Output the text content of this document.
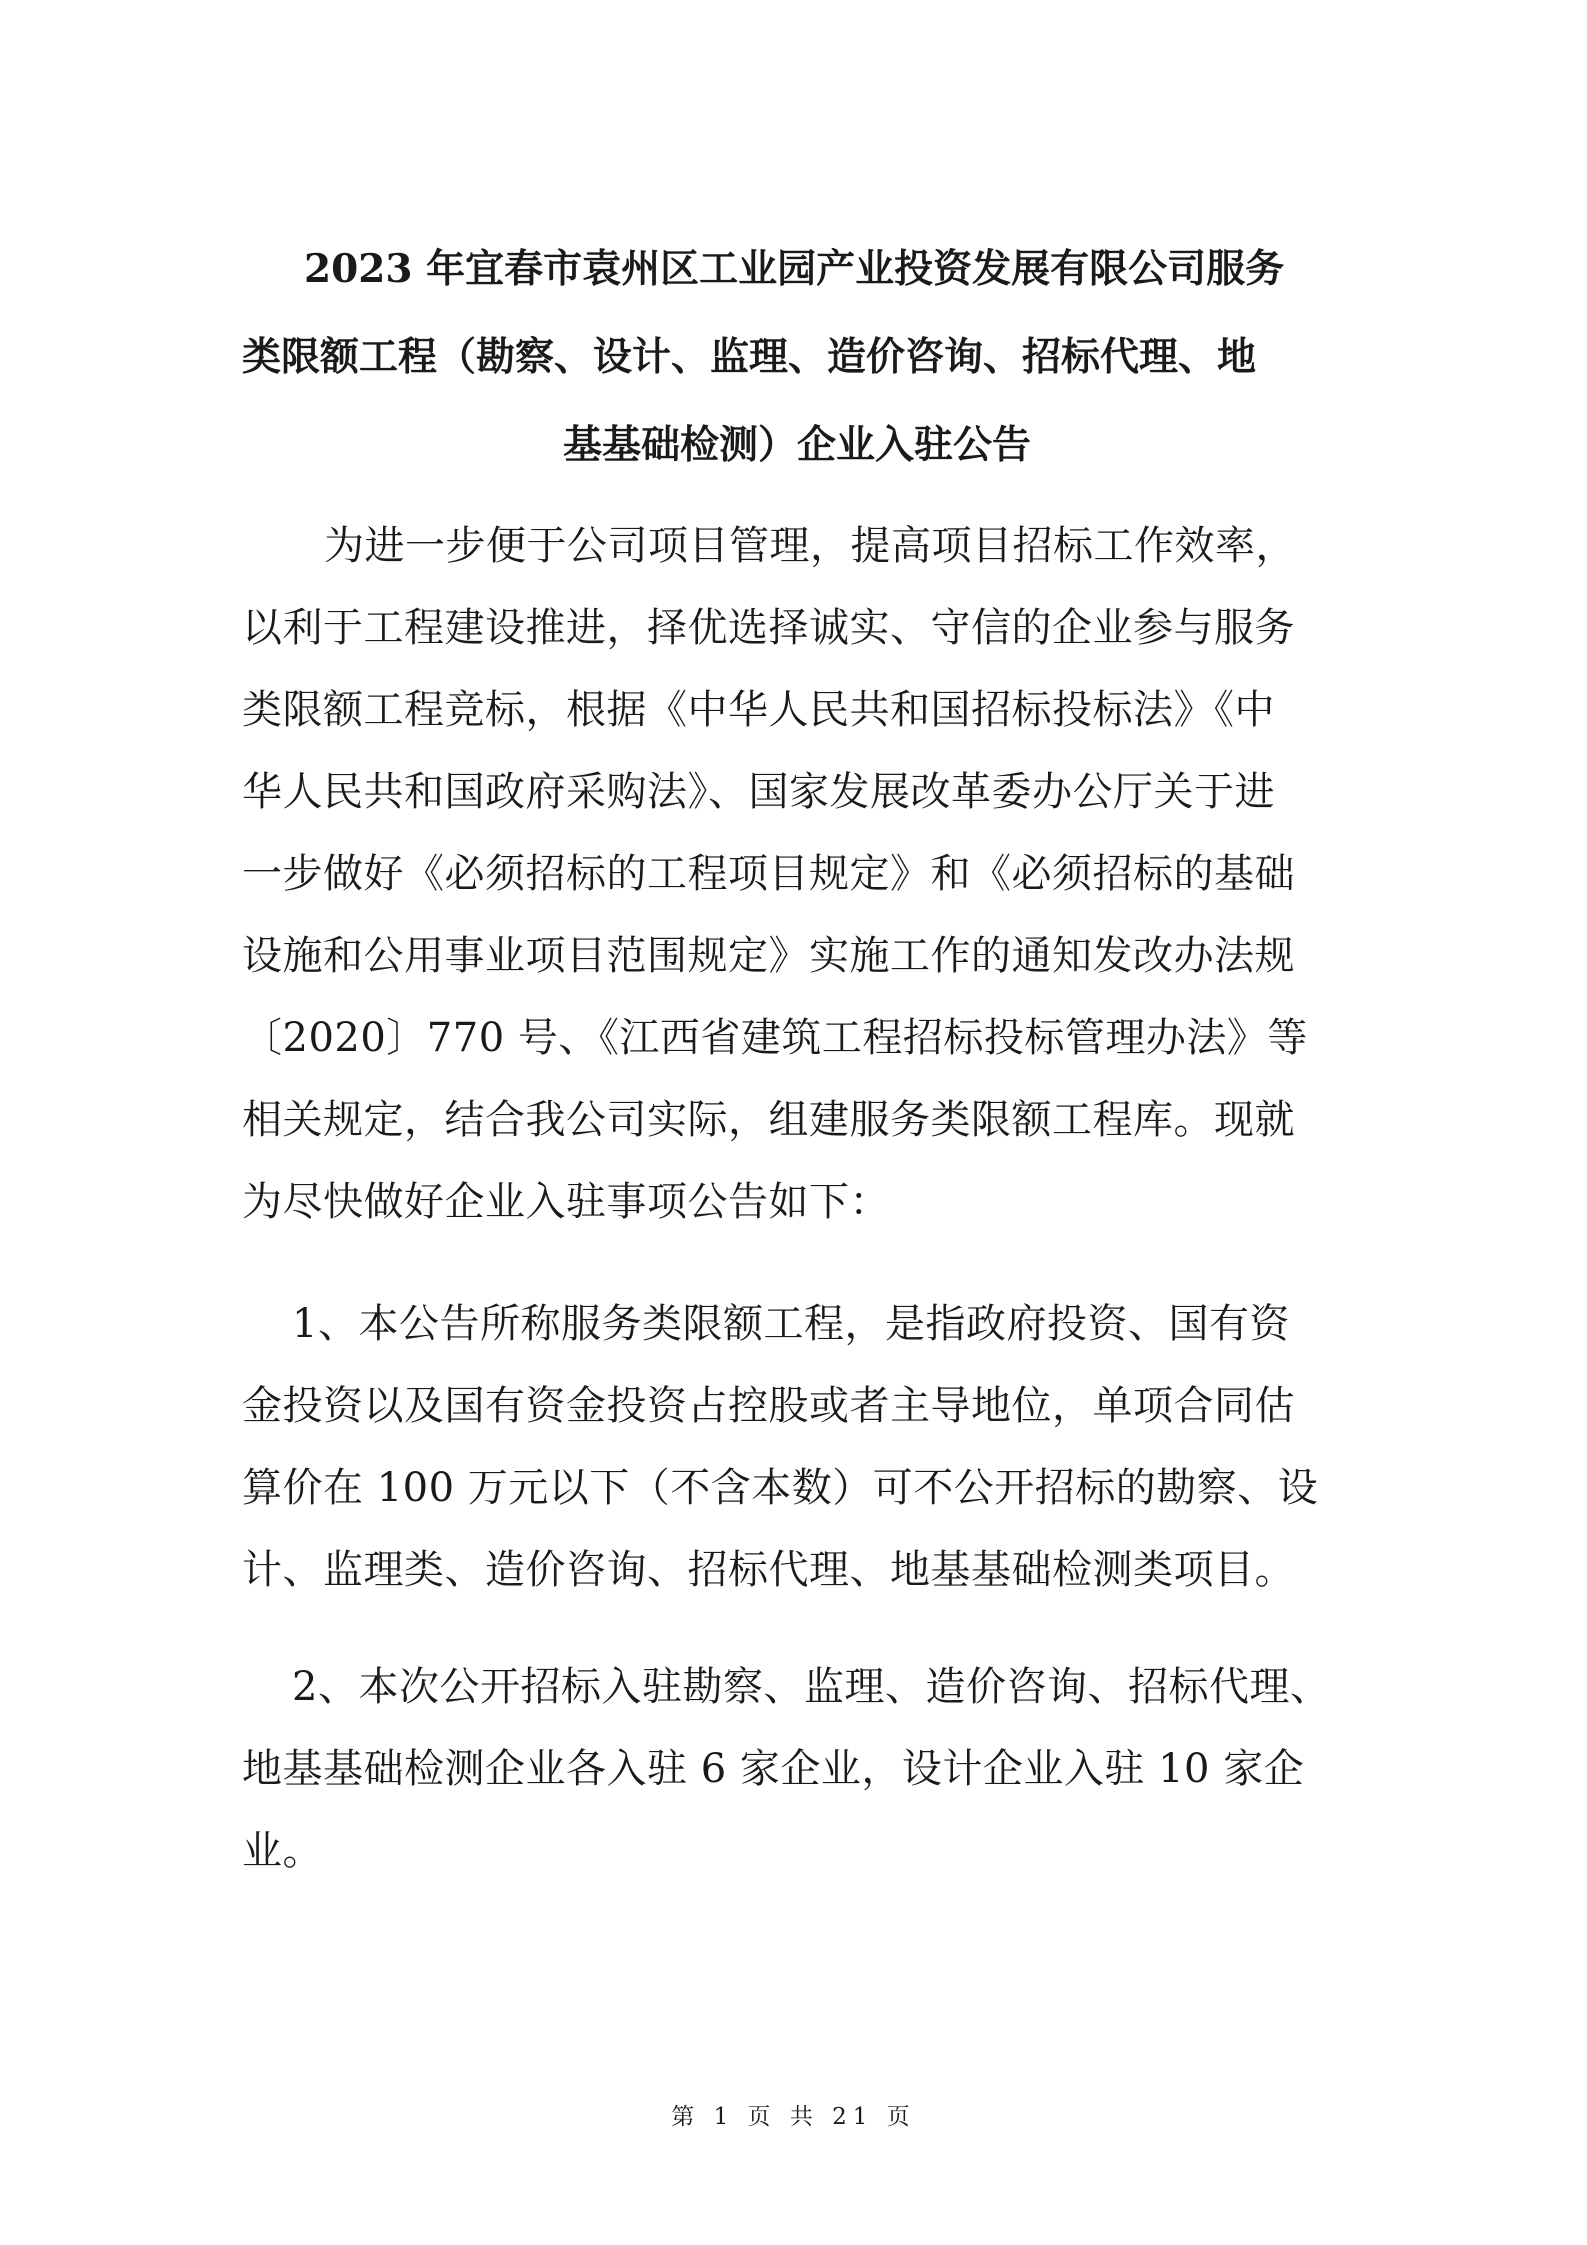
2023 年宜春市袁州区工业园产业投资发展有限公司服务
类限额工程（勘察、设计、监理、造价咨询、招标代理、地
基基础检测）企业入驻公告

为进一步便于公司项目管理，提高项目招标工作效率，
以利于工程建设推进，择优选择诚实、守信的企业参与服务
类限额工程竞标，根据《中华人民共和国招标投标法》《中
华人民共和国政府采购法》、国家发展改革委办公厅关于进
一步做好《必须招标的工程项目规定》和《必须招标的基础
设施和公用事业项目范围规定》实施工作的通知发改办法规
〔2020〕770 号、《江西省建筑工程招标投标管理办法》等
相关规定，结合我公司实际，组建服务类限额工程库。现就
为尽快做好企业入驻事项公告如下：

1、本公告所称服务类限额工程，是指政府投资、国有资
金投资以及国有资金投资占控股或者主导地位，单项合同估
算价在 100 万元以下（不含本数）可不公开招标的勘察、设
计、监理类、造价咨询、招标代理、地基基础检测类项目。

2、本次公开招标入驻勘察、监理、造价咨询、招标代理、
地基基础检测企业各入驻 6 家企业，设计企业入驻 10 家企
业。

第 1 页 共 21 页
